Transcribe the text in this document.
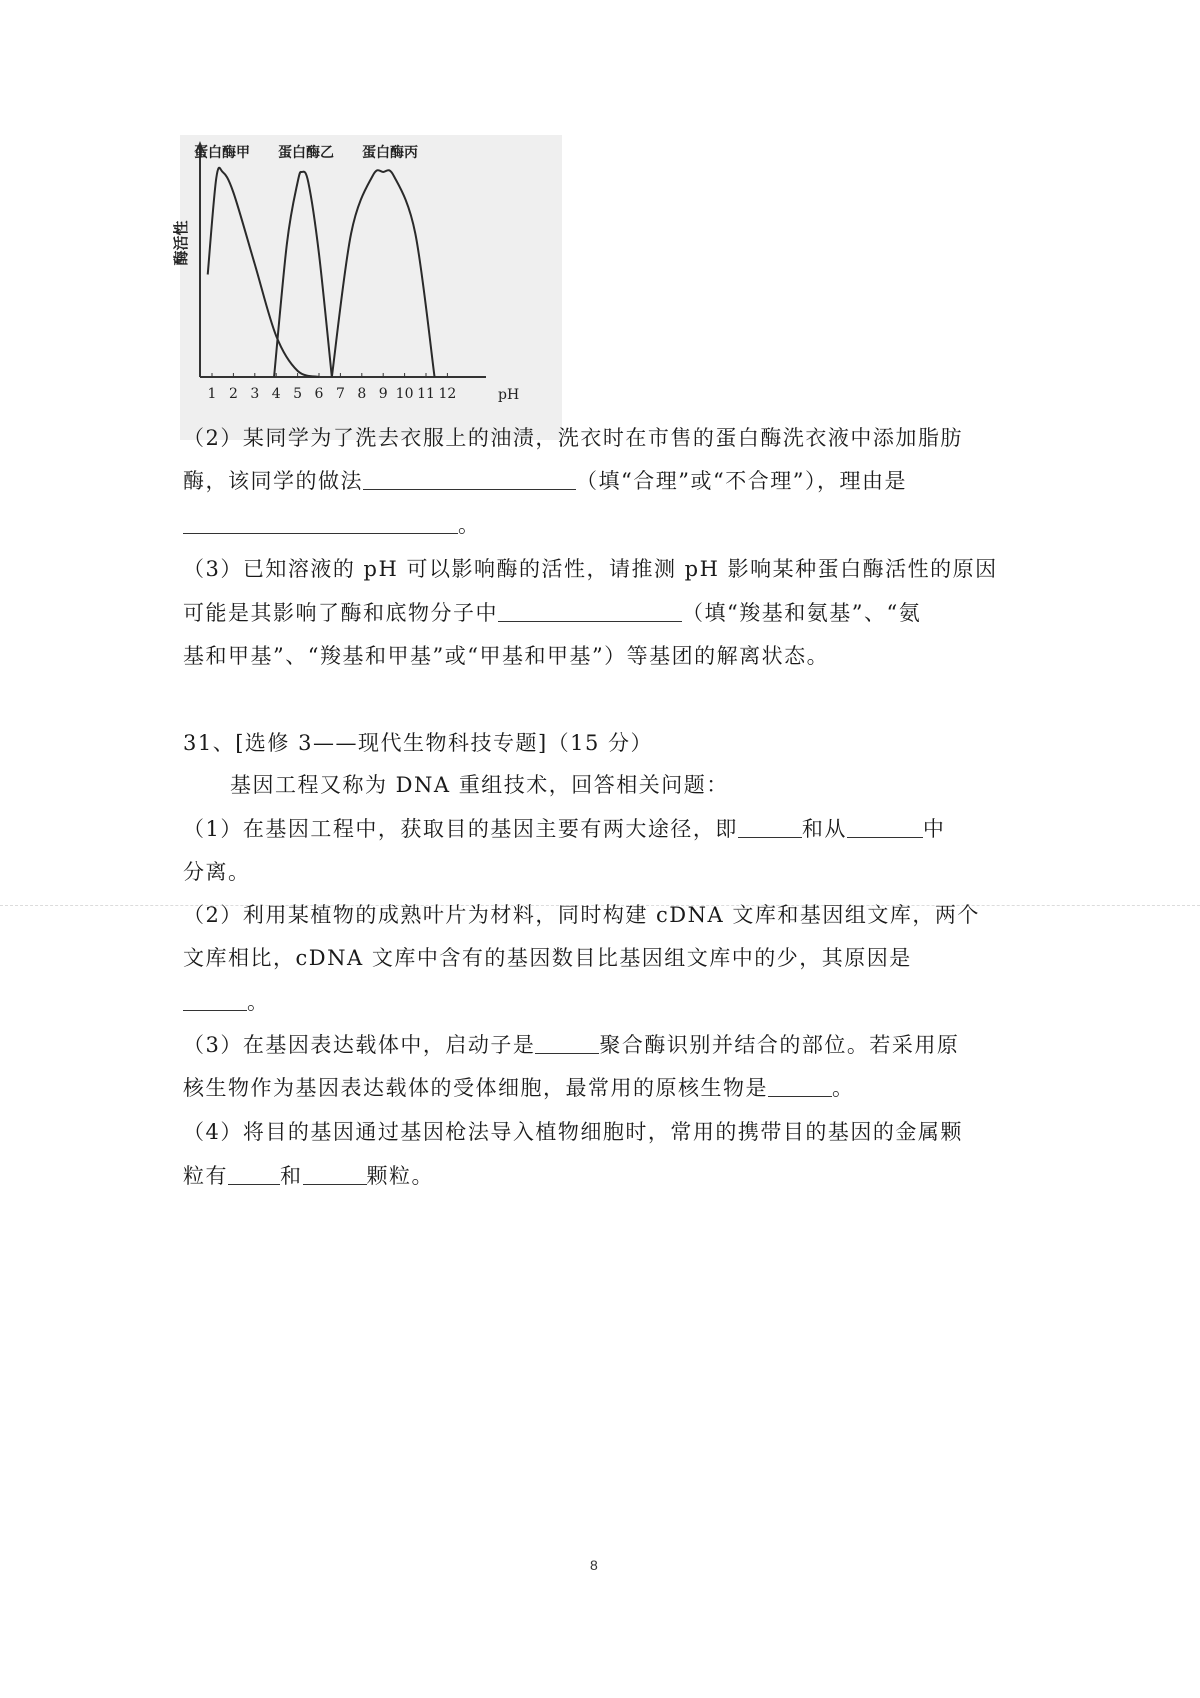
1 2 3 4 5 6 7 8 9 10 11 12	pH
酶活性
蛋白酶甲 蛋白酶乙 蛋白酶丙
（2）某同学为了洗去衣服上的油渍，洗衣时在市售的蛋白酶洗衣液中添加脂肪
酶，该同学的做法	（填“合理”或“不合理”），理由是
。
（3）已知溶液的 pH 可以影响酶的活性，请推测 pH 影响某种蛋白酶活性的原因
可能是其影响了酶和底物分子中	（填“羧基和氨基”、“氨
基和甲基”、“羧基和甲基”或“甲基和甲基”）等基团的解离状态。
31、[选修 3——现代生物科技专题]（15 分）
基因工程又称为 DNA 重组技术，回答相关问题：
（1）在基因工程中，获取目的基因主要有两大途径，即	和从	中
分离。
（2）利用某植物的成熟叶片为材料，同时构建 cDNA 文库和基因组文库，两个
文库相比，cDNA 文库中含有的基因数目比基因组文库中的少，其原因是
。
（3）在基因表达载体中，启动子是	聚合酶识别并结合的部位。若采用原
核生物作为基因表达载体的受体细胞，最常用的原核生物是	。
（4）将目的基因通过基因枪法导入植物细胞时，常用的携带目的基因的金属颗
粒有 和	颗粒。
8
